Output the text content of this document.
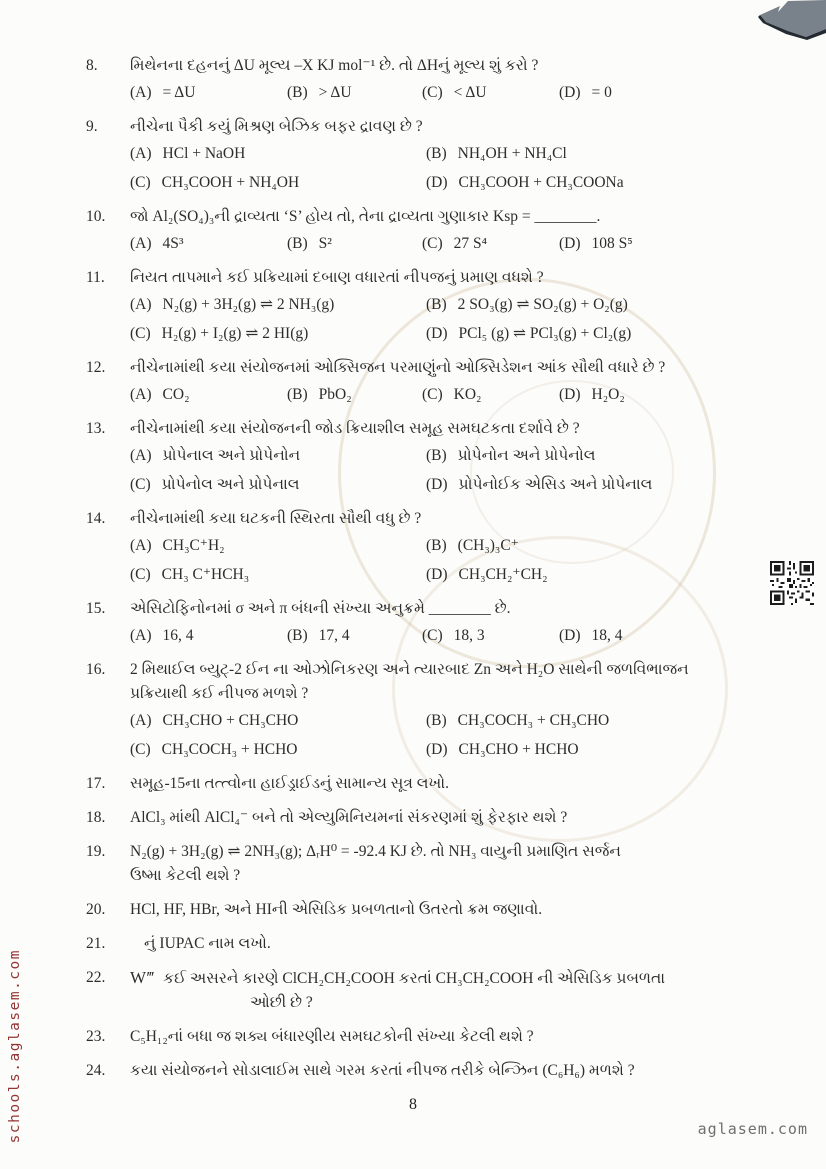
8.	મિથેનના દહનનું ΔU મૂલ્ય –X KJ mol⁻¹ છે. તો ΔHનું મૂલ્ય શું કરો ?
(A) = ΔU	(B) > ΔU	(C) < ΔU	(D) = 0
9.	નીચેના પૈકી કયું મિશ્રણ બેઝિક બફર દ્રાવણ છે ?
(A) HCl + NaOH	(B) NH₄OH + NH₄Cl
(C) CH₃COOH + NH₄OH	(D) CH₃COOH + CH₃COONa
10.	જો Al₂(SO₄)₃ની દ્રાવ્યતા ‘S’ હોય તો, તેના દ્રાવ્યતા ગુણાકાર Ksp = ________.
(A) 4S³	(B) S²	(C) 27 S⁴	(D) 108 S⁵
11.	નિયત તાપમાને કઈ પ્રક્રિયામાં દબાણ વધારતાં નીપજનું પ્રમાણ વધશે ?
(A) N₂(g) + 3H₂(g) ⇌ 2 NH₃(g)	(B) 2 SO₃(g) ⇌ SO₂(g) + O₂(g)
(C) H₂(g) + I₂(g) ⇌ 2 HI(g)	(D) PCl₅ (g) ⇌ PCl₃(g) + Cl₂(g)
12.	નીચેનામાંથી કયા સંયોજનમાં ઓક્સિજન પરમાણુંનો ઓક્સિડેશન આંક સૌથી વધારે છે ?
(A) CO₂	(B) PbO₂	(C) KO₂	(D) H₂O₂
13.	નીચેનામાંથી કયા સંયોજનની જોડ ક્રિયાશીલ સમૂહ સમઘટકતા દર્શાવે છે ?
(A) પ્રોપેનાલ અને પ્રોપેનોન	(B) પ્રોપેનોન અને પ્રોપેનોલ
(C) પ્રોપેનોલ અને પ્રોપેનાલ	(D) પ્રોપેનોઈક એસિડ અને પ્રોપેનાલ
14.	નીચેનામાંથી કયા ઘટકની સ્થિરતા સૌથી વધુ છે ?
(A) CH₃C⁺H₂	(B) (CH₃)₃C⁺
(C) CH₃ C⁺HCH₃	(D) CH₃CH₂⁺CH₂
15.	એસિટોફિનોનમાં σ અને π બંધની સંખ્યા અનુક્રમે ________ છે.
(A) 16, 4	(B) 17, 4	(C) 18, 3	(D) 18, 4
16.	2 મિથાઈલ બ્યુટ્-2 ઈન ના ઓઝોનિકરણ અને ત્યારબાદ Zn અને H₂O સાથેની જળવિભાજન
પ્રક્રિયાથી કઈ નીપજ મળશે ?
(A) CH₃CHO + CH₃CHO	(B) CH₃COCH₃ + CH₃CHO
(C) CH₃COCH₃ + HCHO	(D) CH₃CHO + HCHO
17.	સમૂહ-15ના તત્ત્વોના હાઈડ્રાઈડનું સામાન્ય સૂત્ર લખો.
18.	AlCl₃ માંથી AlCl₄⁻ બને તો એલ્યુમિનિયમનાં સંકરણમાં શું ફેરફાર થશે ?
19.	N₂(g) + 3H₂(g) ⇌ 2NH₃(g); ΔᵣH⁰ = -92.4 KJ છે. તો NH₃ વાયુની પ્રમાણિત સર્જન
ઉષ્મા કેટલી થશે ?
20.	HCl, HF, HBr, અને HIની એસિડિક પ્રબળતાનો ઉતરતો ક્રમ જણાવો.
21.	નું IUPAC નામ લખો.
22.	W‴ કઈ અસરને કારણે ClCH₂CH₂COOH કરતાં CH₃CH₂COOH ની એસિડિક પ્રબળતા
ઓછી છે ?
23.	C₅H₁₂નાં બધા જ શક્ય બંધારણીય સમઘટકોની સંખ્યા કેટલી થશે ?
24.	કયા સંયોજનને સોડાલાઈમ સાથે ગરમ કરતાં નીપજ તરીકે બેન્ઝિન (C₆H₆) મળશે ?
8
aglasem.com
schools.aglasem.com
